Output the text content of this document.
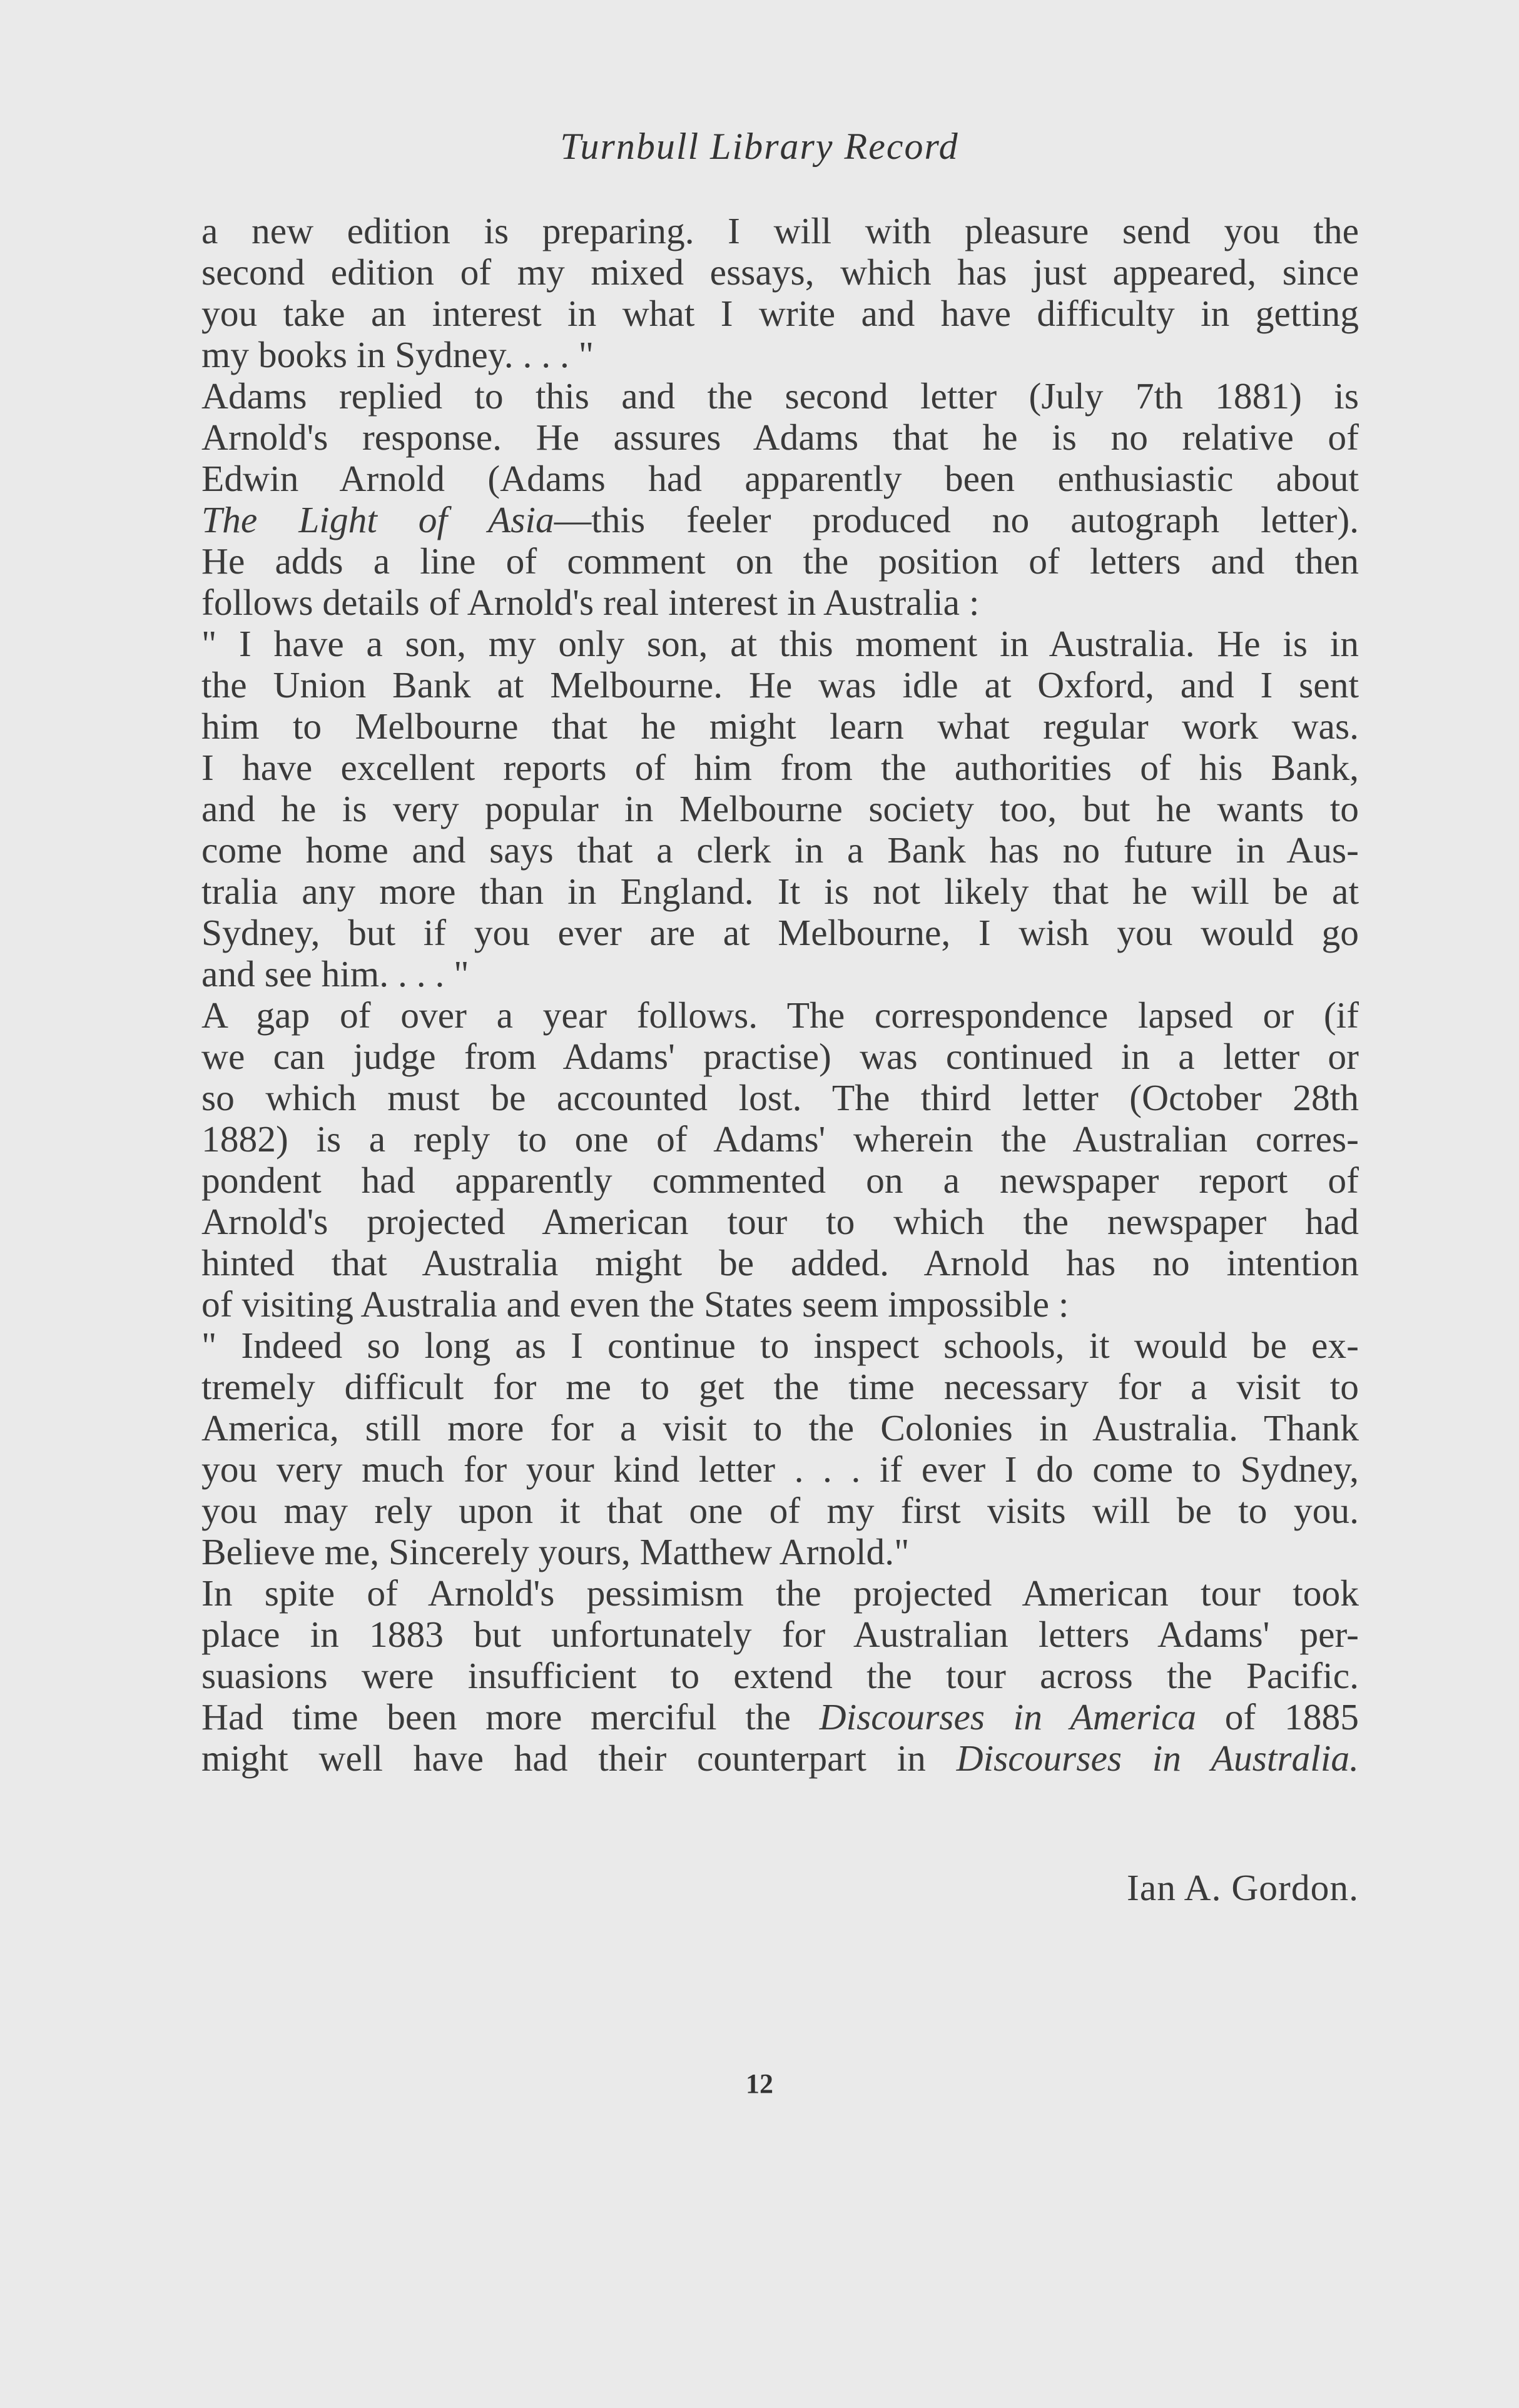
Turnbull Library Record
a new edition is preparing. I will with pleasure send you the
second edition of my mixed essays, which has just appeared, since
you take an interest in what I write and have difficulty in getting
my books in Sydney. . . . "
Adams replied to this and the second letter (July 7th 1881) is
Arnold's response. He assures Adams that he is no relative of
Edwin Arnold (Adams had apparently been enthusiastic about
The Light of Asia—this feeler produced no autograph letter).
He adds a line of comment on the position of letters and then
follows details of Arnold's real interest in Australia :
" I have a son, my only son, at this moment in Australia. He is in
the Union Bank at Melbourne. He was idle at Oxford, and I sent
him to Melbourne that he might learn what regular work was.
I have excellent reports of him from the authorities of his Bank,
and he is very popular in Melbourne society too, but he wants to
come home and says that a clerk in a Bank has no future in Aus-
tralia any more than in England. It is not likely that he will be at
Sydney, but if you ever are at Melbourne, I wish you would go
and see him. . . . "
A gap of over a year follows. The correspondence lapsed or (if
we can judge from Adams' practise) was continued in a letter or
so which must be accounted lost. The third letter (October 28th
1882) is a reply to one of Adams' wherein the Australian corres-
pondent had apparently commented on a newspaper report of
Arnold's projected American tour to which the newspaper had
hinted that Australia might be added. Arnold has no intention
of visiting Australia and even the States seem impossible :
" Indeed so long as I continue to inspect schools, it would be ex-
tremely difficult for me to get the time necessary for a visit to
America, still more for a visit to the Colonies in Australia. Thank
you very much for your kind letter . . . if ever I do come to Sydney,
you may rely upon it that one of my first visits will be to you.
Believe me, Sincerely yours, Matthew Arnold."
In spite of Arnold's pessimism the projected American tour took
place in 1883 but unfortunately for Australian letters Adams' per-
suasions were insufficient to extend the tour across the Pacific.
Had time been more merciful the Discourses in America of 1885
might well have had their counterpart in Discourses in Australia.
Ian A. Gordon.
12
